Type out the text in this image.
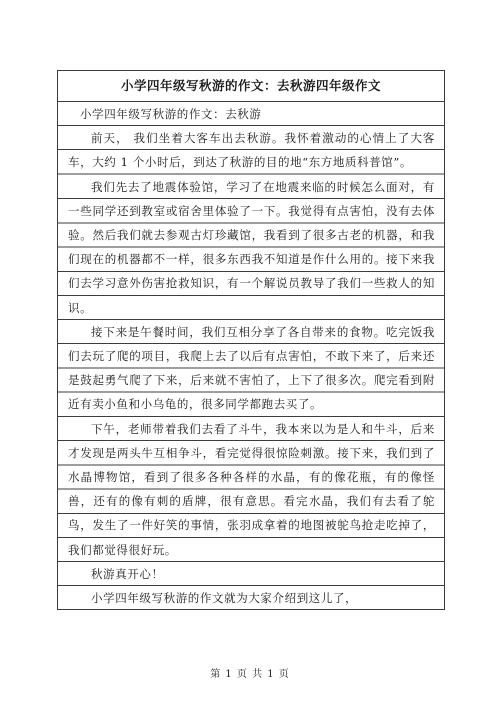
小学四年级写秋游的作文：去秋游四年级作文
小学四年级写秋游的作文：去秋游
前天， 我们坐着大客车出去秋游。我怀着激动的心情上了大客车，大约 1 个小时后，到达了秋游的目的地“东方地质科普馆”。
我们先去了地震体验馆，学习了在地震来临的时候怎么面对，有一些同学还到教室或宿舍里体验了一下。我觉得有点害怕，没有去体验。然后我们就去参观古灯珍藏馆，我看到了很多古老的机器，和我们现在的机器都不一样，很多东西我不知道是作什么用的。接下来我们去学习意外伤害抢救知识，有一个解说员教导了我们一些救人的知识。
接下来是午餐时间，我们互相分享了各自带来的食物。吃完饭我们去玩了爬的项目，我爬上去了以后有点害怕，不敢下来了，后来还是鼓起勇气爬了下来，后来就不害怕了，上下了很多次。爬完看到附近有卖小鱼和小乌龟的，很多同学都跑去买了。
下午，老师带着我们去看了斗牛，我本来以为是人和牛斗，后来才发现是两头牛互相争斗，看完觉得很惊险刺激。接下来，我们到了水晶博物馆，看到了很多各种各样的水晶，有的像花瓶，有的像怪兽，还有的像有刺的盾牌，很有意思。看完水晶，我们有去看了鸵鸟，发生了一件好笑的事情，张羽成拿着的地图被鸵鸟抢走吃掉了，我们都觉得很好玩。
秋游真开心！
小学四年级写秋游的作文就为大家介绍到这儿了，
第 1 页 共 1 页
